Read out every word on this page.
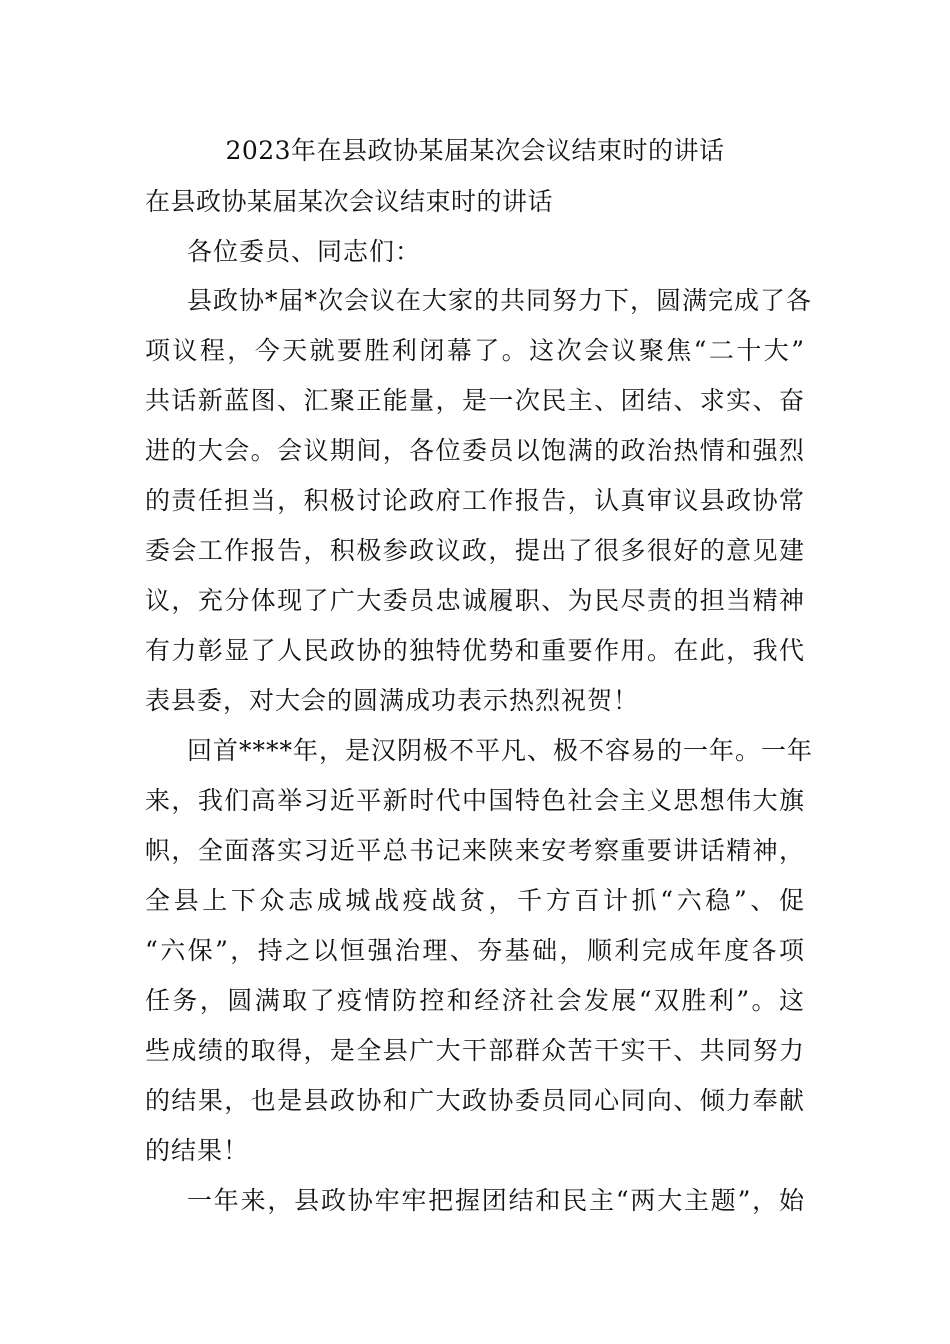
2023年在县政协某届某次会议结束时的讲话
在县政协某届某次会议结束时的讲话
各位委员、同志们：
县政协*届*次会议在大家的共同努力下，圆满完成了各
项议程，今天就要胜利闭幕了。这次会议聚焦“二十大”
共话新蓝图、汇聚正能量，是一次民主、团结、求实、奋
进的大会。会议期间，各位委员以饱满的政治热情和强烈
的责任担当，积极讨论政府工作报告，认真审议县政协常
委会工作报告，积极参政议政，提出了很多很好的意见建
议，充分体现了广大委员忠诚履职、为民尽责的担当精神
有力彰显了人民政协的独特优势和重要作用。在此，我代
表县委，对大会的圆满成功表示热烈祝贺！
回首****年，是汉阴极不平凡、极不容易的一年。一年
来，我们高举习近平新时代中国特色社会主义思想伟大旗
帜，全面落实习近平总书记来陕来安考察重要讲话精神，
全县上下众志成城战疫战贫，千方百计抓“六稳”、促
“六保”，持之以恒强治理、夯基础，顺利完成年度各项
任务，圆满取了疫情防控和经济社会发展“双胜利”。这
些成绩的取得，是全县广大干部群众苦干实干、共同努力
的结果，也是县政协和广大政协委员同心同向、倾力奉献
的结果！
一年来，县政协牢牢把握团结和民主“两大主题”，始
